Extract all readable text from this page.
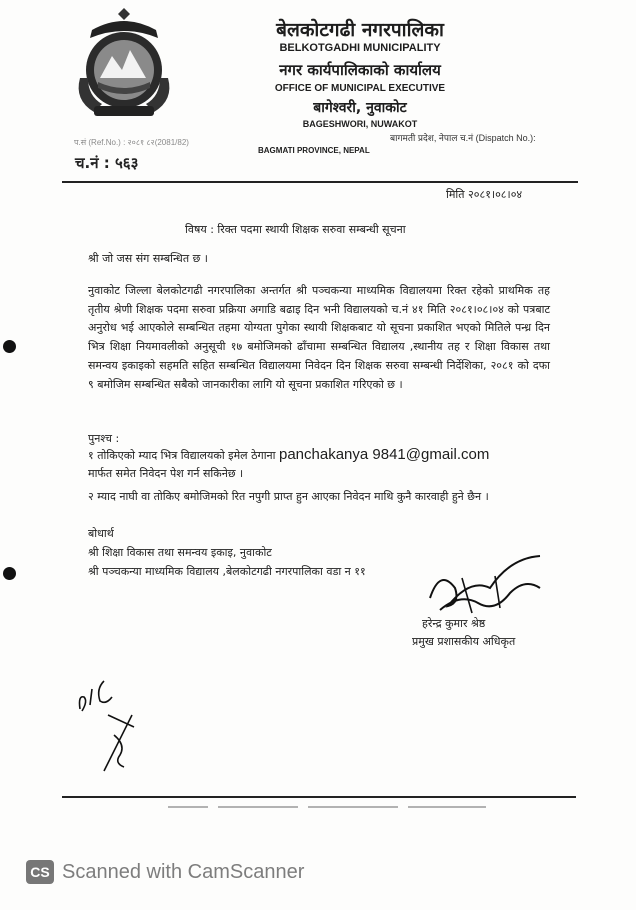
बेलकोटगढी नगरपालिका
BELKOTGADHI MUNICIPALITY
नगर कार्यपालिकाको कार्यालय
OFFICE OF MUNICIPAL EXECUTIVE
बागेश्वरी, नुवाकोट
BAGESHWORI, NUWAKOT
BAGMATI PROVINCE, NEPAL
प.सं (Ref.No.) : २०८१ ८२(2081/82)	बागमती प्रदेश, नेपाल च.नं (Dispatch No.):
च.नं : ५६३
मिति २०८१।०८।०४
विषय : रिक्त पदमा स्थायी शिक्षक सरुवा सम्बन्धी सूचना
श्री जो जस संग सम्बन्धित छ ।
नुवाकोट जिल्ला बेलकोटगढी नगरपालिका अन्तर्गत श्री पञ्चकन्या माध्यमिक विद्यालयमा रिक्त रहेको प्राथमिक तह तृतीय श्रेणी शिक्षक पदमा सरुवा प्रक्रिया अगाडि बढाइ दिन भनी विद्यालयको च.नं ४१ मिति २०८१।०८।०४ को पत्रबाट अनुरोध भई आएकोले सम्बन्धित तहमा योग्यता पुगेका स्थायी शिक्षकबाट यो सूचना प्रकाशित भएको मितिले पन्ध्र दिन भित्र शिक्षा नियमावलीको अनुसूची १७ बमोजिमको ढाँचामा सम्बन्धित विद्यालय ,स्थानीय तह र शिक्षा विकास तथा समन्वय इकाइको सहमति सहित सम्बन्धित विद्यालयमा निवेदन दिन शिक्षक सरुवा सम्बन्धी निर्देशिका, २०८१ को दफा ९ बमोजिम सम्बन्धित सबैको जानकारीका लागि यो सूचना प्रकाशित गरिएको छ ।
पुनश्च :
१ तोकिएको म्याद भित्र विद्यालयको इमेल ठेगाना panchakanya 9841@gmail.com
मार्फत समेत निवेदन पेश गर्न सकिनेछ ।
२ म्याद नाघी वा तोकिए बमोजिमको रित नपुगी प्राप्त हुन आएका निवेदन माथि कुनै कारवाही हुने छैन ।
बोधार्थ
श्री शिक्षा विकास तथा समन्वय इकाइ, नुवाकोट
श्री पञ्चकन्या माध्यमिक विद्यालय ,बेलकोटगढी नगरपालिका वडा न ११
हरेन्द्र कुमार श्रेष्ठ
प्रमुख प्रशासकीय अधिकृत
CS Scanned with CamScanner
